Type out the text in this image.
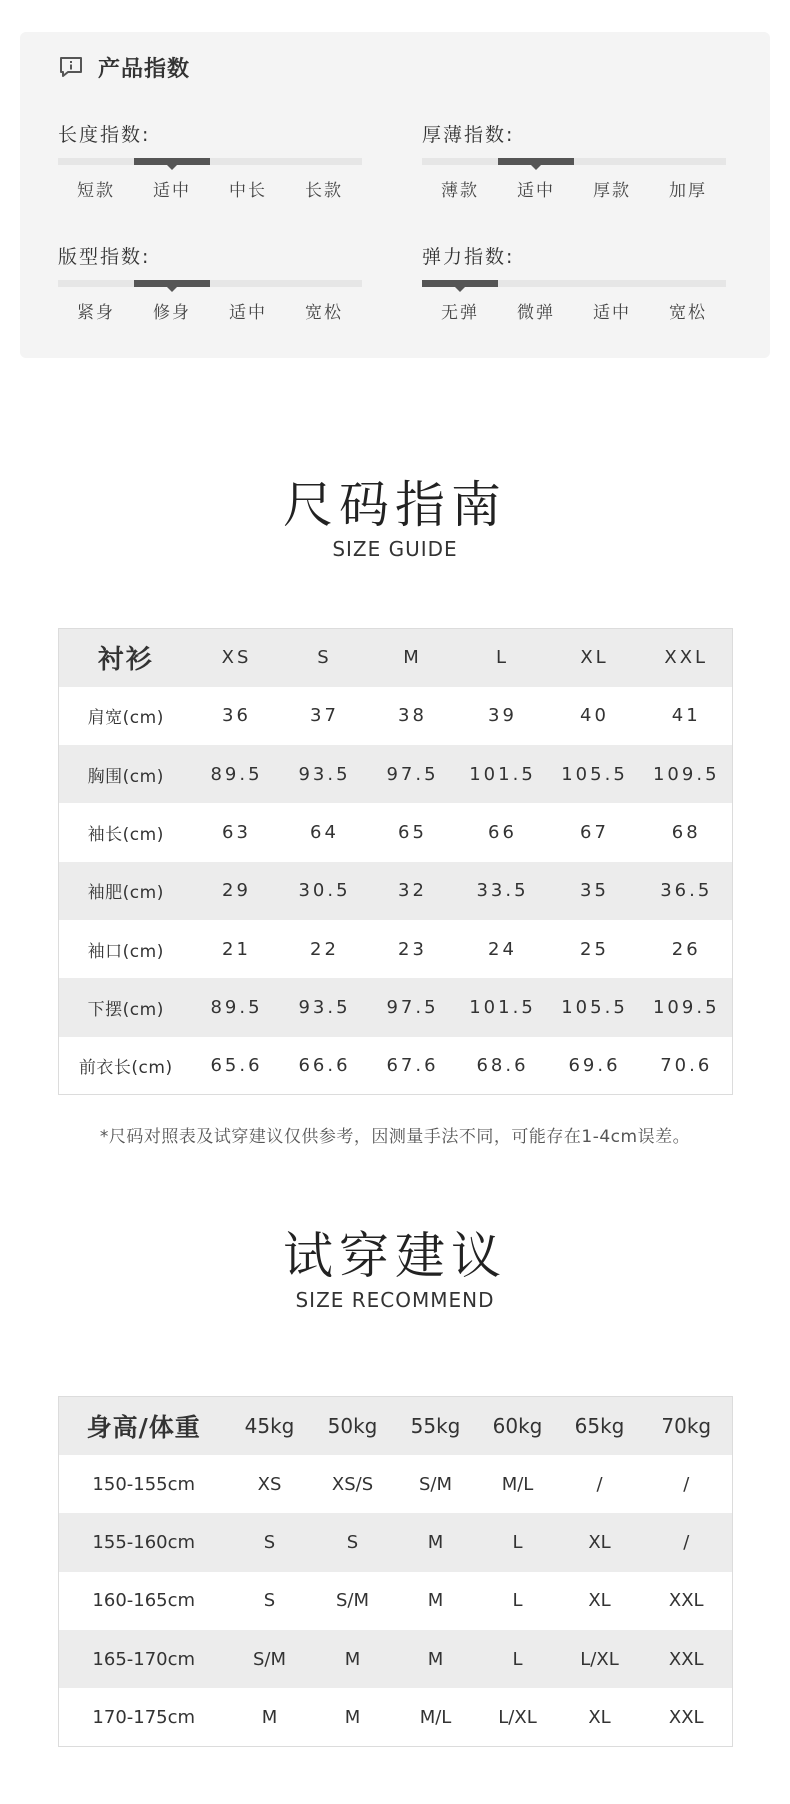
产品指数
长度指数:
短款	适中	中长	长款
厚薄指数:
薄款	适中	厚款	加厚
版型指数:
紧身	修身	适中	宽松
弹力指数:
无弹	微弹	适中	宽松
尺码指南
SIZE GUIDE
衬衫	XS	S	M	L	XL	XXL
肩宽(cm)	36	37	38	39	40	41
胸围(cm)	89.5	93.5	97.5	101.5	105.5	109.5
袖长(cm)	63	64	65	66	67	68
袖肥(cm)	29	30.5	32	33.5	35	36.5
袖口(cm)	21	22	23	24	25	26
下摆(cm)	89.5	93.5	97.5	101.5	105.5	109.5
前衣长(cm)	65.6	66.6	67.6	68.6	69.6	70.6
*尺码对照表及试穿建议仅供参考，因测量手法不同，可能存在1-4cm误差。
试穿建议
SIZE RECOMMEND
身高/体重	45kg	50kg	55kg	60kg	65kg	70kg
150-155cm	XS	XS/S	S/M	M/L	/	/
155-160cm	S	S	M	L	XL	/
160-165cm	S	S/M	M	L	XL	XXL
165-170cm	S/M	M	M	L	L/XL	XXL
170-175cm	M	M	M/L	L/XL	XL	XXL
